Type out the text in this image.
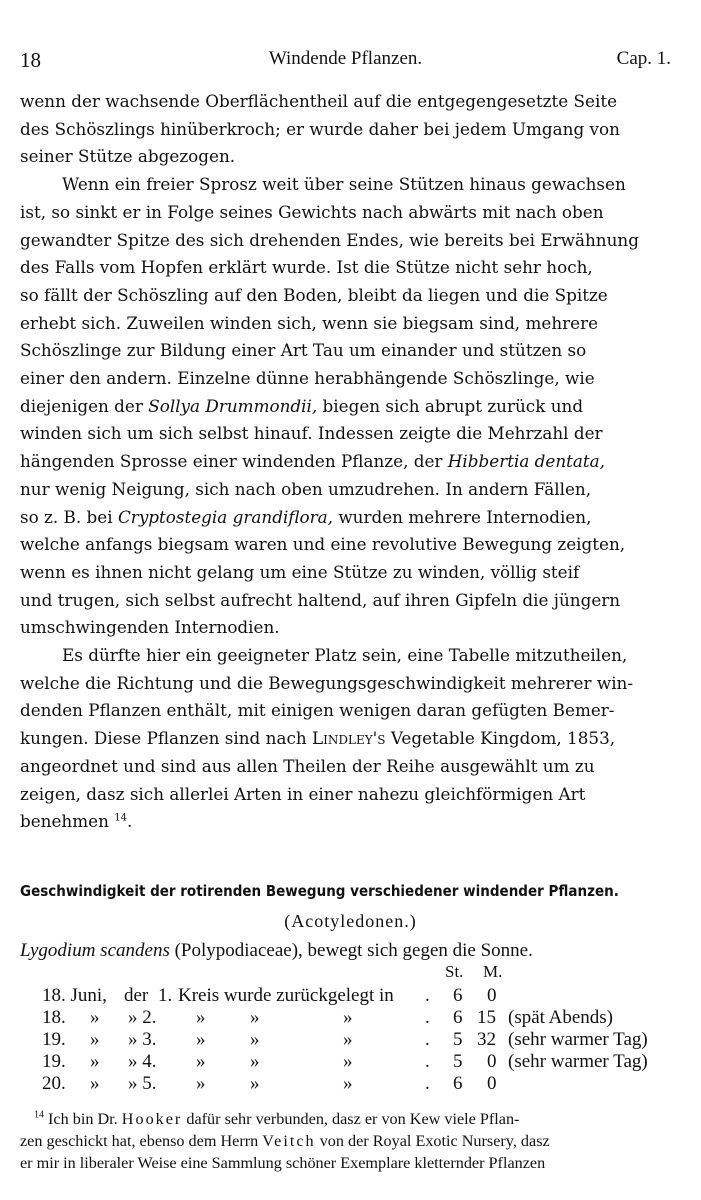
18	Windende Pflanzen.	Cap. 1.

wenn der wachsende Oberflächentheil auf die entgegengesetzte Seite
des Schöszlings hinüberkroch; er wurde daher bei jedem Umgang von
seiner Stütze abgezogen.

Wenn ein freier Sprosz weit über seine Stützen hinaus gewachsen
ist, so sinkt er in Folge seines Gewichts nach abwärts mit nach oben
gewandter Spitze des sich drehenden Endes, wie bereits bei Erwähnung
des Falls vom Hopfen erklärt wurde. Ist die Stütze nicht sehr hoch,
so fällt der Schöszling auf den Boden, bleibt da liegen und die Spitze
erhebt sich. Zuweilen winden sich, wenn sie biegsam sind, mehrere
Schöszlinge zur Bildung einer Art Tau um einander und stützen so
einer den andern. Einzelne dünne herabhängende Schöszlinge, wie
diejenigen der Sollya Drummondii, biegen sich abrupt zurück und
winden sich um sich selbst hinauf. Indessen zeigte die Mehrzahl der
hängenden Sprosse einer windenden Pflanze, der Hibbertia dentata,
nur wenig Neigung, sich nach oben umzudrehen. In andern Fällen,
so z. B. bei Cryptostegia grandiflora, wurden mehrere Internodien,
welche anfangs biegsam waren und eine revolutive Bewegung zeigten,
wenn es ihnen nicht gelang um eine Stütze zu winden, völlig steif
und trugen, sich selbst aufrecht haltend, auf ihren Gipfeln die jüngern
umschwingenden Internodien.

Es dürfte hier ein geeigneter Platz sein, eine Tabelle mitzutheilen,
welche die Richtung und die Bewegungsgeschwindigkeit mehrerer win-
denden Pflanzen enthält, mit einigen wenigen daran gefügten Bemer-
kungen. Diese Pflanzen sind nach Lindley's Vegetable Kingdom, 1853,
angeordnet und sind aus allen Theilen der Reihe ausgewählt um zu
zeigen, dasz sich allerlei Arten in einer nahezu gleichförmigen Art
benehmen $^{14}$.

Geschwindigkeit der rotirenden Bewegung verschiedener windender Pflanzen.
(Acotyledonen.)
Lygodium scandens (Polypodiaceae), bewegt sich gegen die Sonne.
St. M.
18. Juni, der 1. Kreis wurde zurückgelegt in . 6 0
18. » » 2. » »	»	. 6 15 (spät Abends)
19. » » 3. » »	»	. 5 32 (sehr warmer Tag)
19. » » 4. » »	»	. 5 0 (sehr warmer Tag)
20. » » 5. » »	»	. 6 0

$^{14}$ Ich bin Dr. Hooker dafür sehr verbunden, dasz er von Kew viele Pflan-
zen geschickt hat, ebenso dem Herrn Veitch von der Royal Exotic Nursery, dasz
er mir in liberaler Weise eine Sammlung schöner Exemplare kletternder Pflanzen
